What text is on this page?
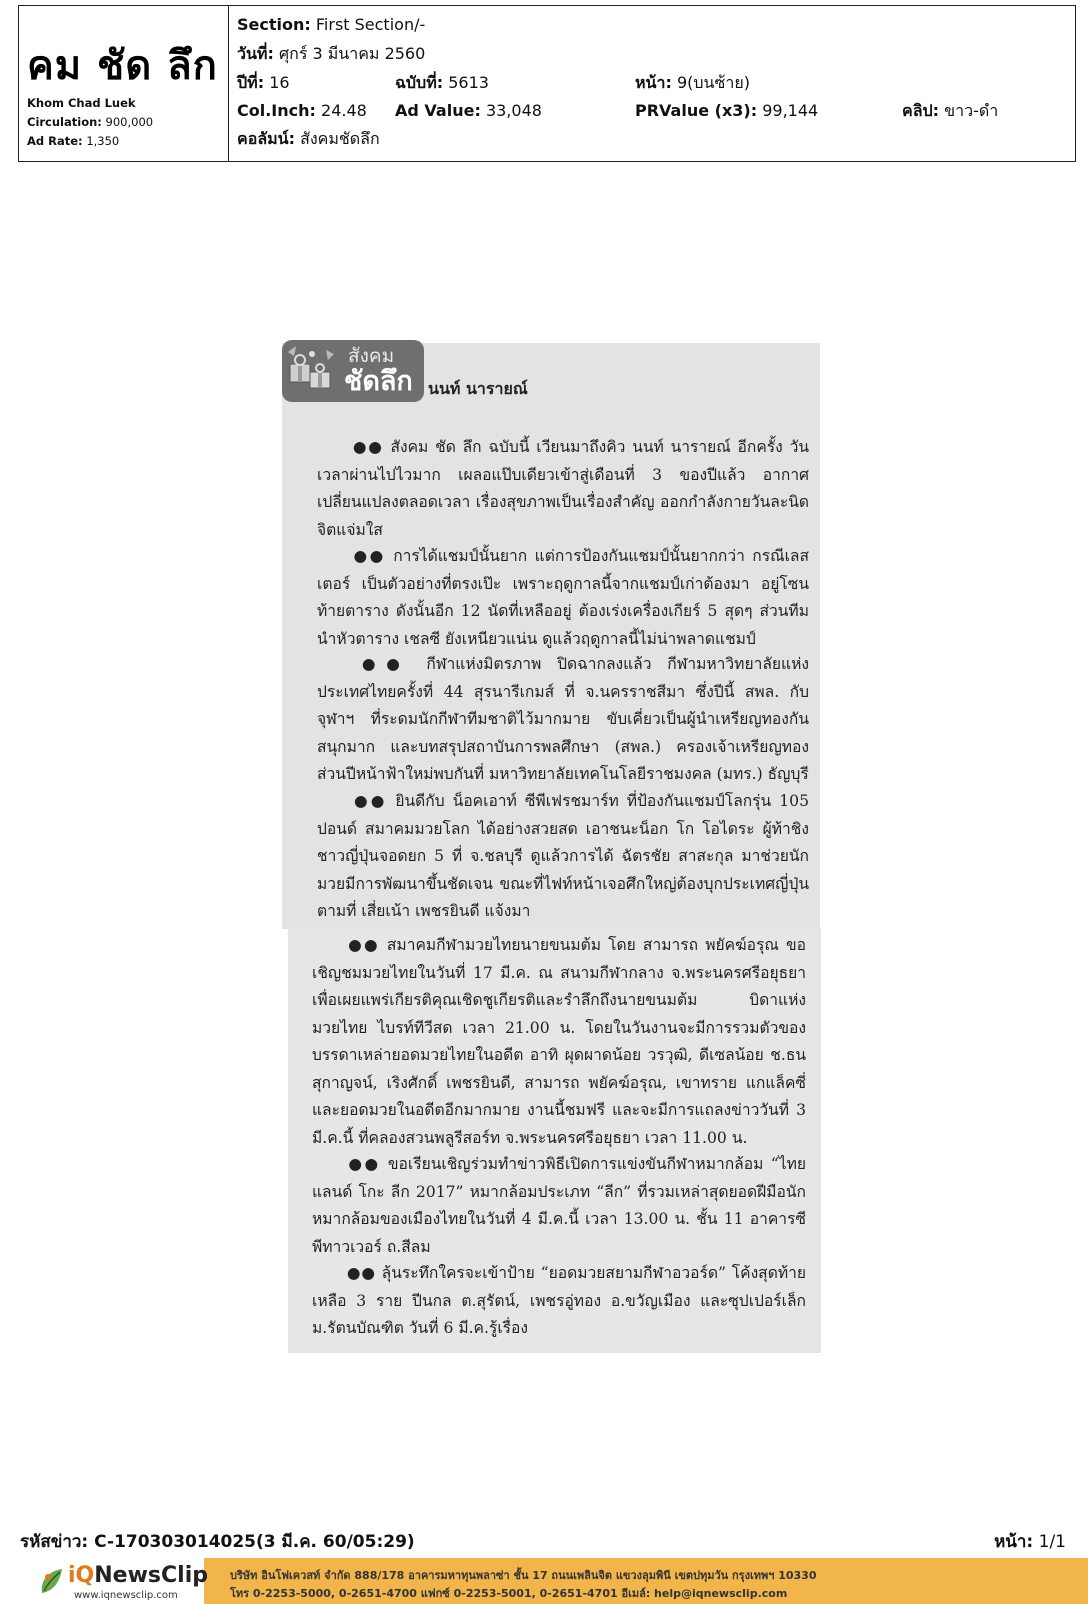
คม ชัด ลึก
Khom Chad Luek
Circulation: 900,000
Ad Rate: 1,350
Section: First Section/-
วันที่: ศุกร์ 3 มีนาคม 2560
ปีที่: 16	ฉบับที่: 5613	หน้า: 9(บนซ้าย)
Col.Inch: 24.48 Ad Value: 33,048	PRValue (x3): 99,144	คลิป: ขาว-ดำ
คอลัมน์: สังคมชัดลึก
สังคม
ชัดลึก นนท์ นารายณ์
●● สังคม ชัด ลึก ฉบับนี้ เวียนมาถึงคิว นนท์ นารายณ์ อีกครั้ง วันเวลาผ่านไปไวมาก เผลอแป๊บเดียวเข้าสู่เดือนที่ 3 ของปีแล้ว อากาศเปลี่ยนแปลงตลอดเวลา เรื่องสุขภาพเป็นเรื่องสำคัญ ออกกำลังกายวันละนิดจิตแจ่มใส
●● การได้แชมป์นั้นยาก แต่การป้องกันแชมป์นั้นยากกว่า กรณีเลสเตอร์ เป็นตัวอย่างที่ตรงเป๊ะ เพราะฤดูกาลนี้จากแชมป์เก่าต้องมา อยู่โซนท้ายตาราง ดังนั้นอีก 12 นัดที่เหลืออยู่ ต้องเร่งเครื่องเกียร์ 5 สุดๆ ส่วนทีมนำหัวตาราง เชลซี ยังเหนียวแน่น ดูแล้วฤดูกาลนี้ไม่น่าพลาดแชมป์
●● กีฬาแห่งมิตรภาพ ปิดฉากลงแล้ว กีฬามหาวิทยาลัยแห่งประเทศไทยครั้งที่ 44 สุรนารีเกมส์ ที่ จ.นครราชสีมา ซึ่งปีนี้ สพล. กับ จุฬาฯ ที่ระดมนักกีฬาทีมชาติไว้มากมาย ขับเคี่ยวเป็นผู้นำเหรียญทองกันสนุกมาก และบทสรุปสถาบันการพลศึกษา (สพล.) ครองเจ้าเหรียญทอง ส่วนปีหน้าฟ้าใหม่พบกันที่ มหาวิทยาลัยเทคโนโลยีราชมงคล (มทร.) ธัญบุรี
●● ยินดีกับ น็อคเอาท์ ซีพีเฟรชมาร์ท ที่ป้องกันแชมป์โลกรุ่น 105 ปอนด์ สมาคมมวยโลก ได้อย่างสวยสด เอาชนะน็อก โก โอไดระ ผู้ท้าชิงชาวญี่ปุ่นจอดยก 5 ที่ จ.ชลบุรี ดูแล้วการได้ ฉัตรชัย สาสะกุล มาช่วยนักมวยมีการพัฒนาขึ้นชัดเจน ขณะที่ไฟท์หน้าเจอศึกใหญ่ต้องบุกประเทศญี่ปุ่นตามที่ เสี่ยเน้า เพชรยินดี แจ้งมา
●● สมาคมกีฬามวยไทยนายขนมต้ม โดย สามารถ พยัคฆ์อรุณ ขอเชิญชมมวยไทยในวันที่ 17 มี.ค. ณ สนามกีฬากลาง จ.พระนครศรีอยุธยา เพื่อเผยแพร่เกียรติคุณเชิดชูเกียรติและรำลึกถึงนายขนมต้ม บิดาแห่งมวยไทย ไบรท์ทีวีสด เวลา 21.00 น. โดยในวันงานจะมีการรวมตัวของบรรดาเหล่ายอดมวยไทยในอดีต อาทิ ผุดผาดน้อย วรวุฒิ, ดีเซลน้อย ช.ธนสุกาญจน์, เริงศักดิ์ เพชรยินดี, สามารถ พยัคฆ์อรุณ, เขาทราย แกแล็คซี่ และยอดมวยในอดีตอีกมากมาย งานนี้ชมฟรี และจะมีการแถลงข่าววันที่ 3 มี.ค.นี้ ที่คลองสวนพลูรีสอร์ท จ.พระนครศรีอยุธยา เวลา 11.00 น.
●● ขอเรียนเชิญร่วมทำข่าวพิธีเปิดการแข่งขันกีฬาหมากล้อม “ไทยแลนด์ โกะ ลีก 2017” หมากล้อมประเภท “ลีก” ที่รวมเหล่าสุดยอดฝีมือนักหมากล้อมของเมืองไทยในวันที่ 4 มี.ค.นี้ เวลา 13.00 น. ชั้น 11 อาคารซีพีทาวเวอร์ ถ.สีลม
●● ลุ้นระทึกใครจะเข้าป้าย “ยอดมวยสยามกีฬาอวอร์ด” โค้งสุดท้าย เหลือ 3 ราย ปีนกล ต.สุรัตน์, เพชรอู่ทอง อ.ขวัญเมือง และซุปเปอร์เล็ก ม.รัตนบัณฑิต วันที่ 6 มี.ค.รู้เรื่อง
รหัสข่าว: C-170303014025(3 มี.ค. 60/05:29)	หน้า: 1/1
บริษัท อินโฟเควสท์ จำกัด 888/178 อาคารมหาทุนพลาซ่า ชั้น 17 ถนนเพลินจิต แขวงลุมพินี เขตปทุมวัน กรุงเทพฯ 10330
โทร 0-2253-5000, 0-2651-4700 แฟกซ์ 0-2253-5001, 0-2651-4701 อีเมล์: help@iqnewsclip.com
iQNewsClip
www.iqnewsclip.com
